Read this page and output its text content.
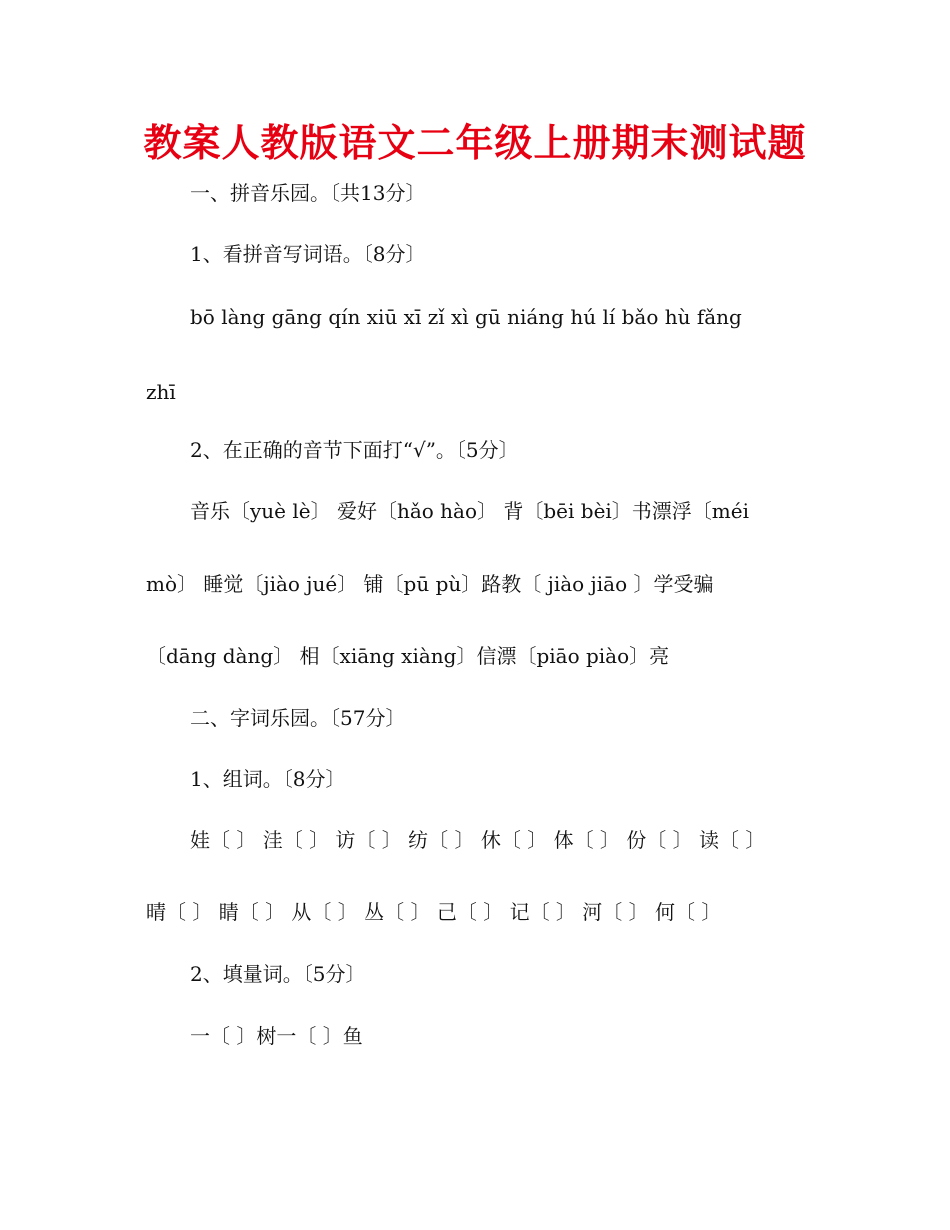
教案人教版语文二年级上册期末测试题
一、拼音乐园。〔共13分〕
1、看拼音写词语。〔8分〕
bō làng gāng qín xiū xī zǐ xì gū niáng hú lí bǎo hù fǎng
zhī
2、在正确的音节下面打“√”。〔5分〕
音乐〔yuè lè〕 爱好〔hǎo hào〕 背〔bēi bèi〕书漂浮〔méi
mò〕 睡觉〔jiào jué〕 铺〔pū pù〕路教〔 jiào jiāo 〕学受骗
〔dāng dàng〕 相〔xiāng xiàng〕信漂〔piāo piào〕亮
二、字词乐园。〔57分〕
1、组词。〔8分〕
娃〔 〕 洼〔 〕 访〔 〕 纺〔 〕 休〔 〕 体〔 〕 份〔 〕 读〔 〕
晴〔 〕 睛〔 〕 从〔 〕 丛〔 〕 己〔 〕 记〔 〕 河〔 〕 何〔 〕
2、填量词。〔5分〕
一〔 〕树一〔 〕鱼
